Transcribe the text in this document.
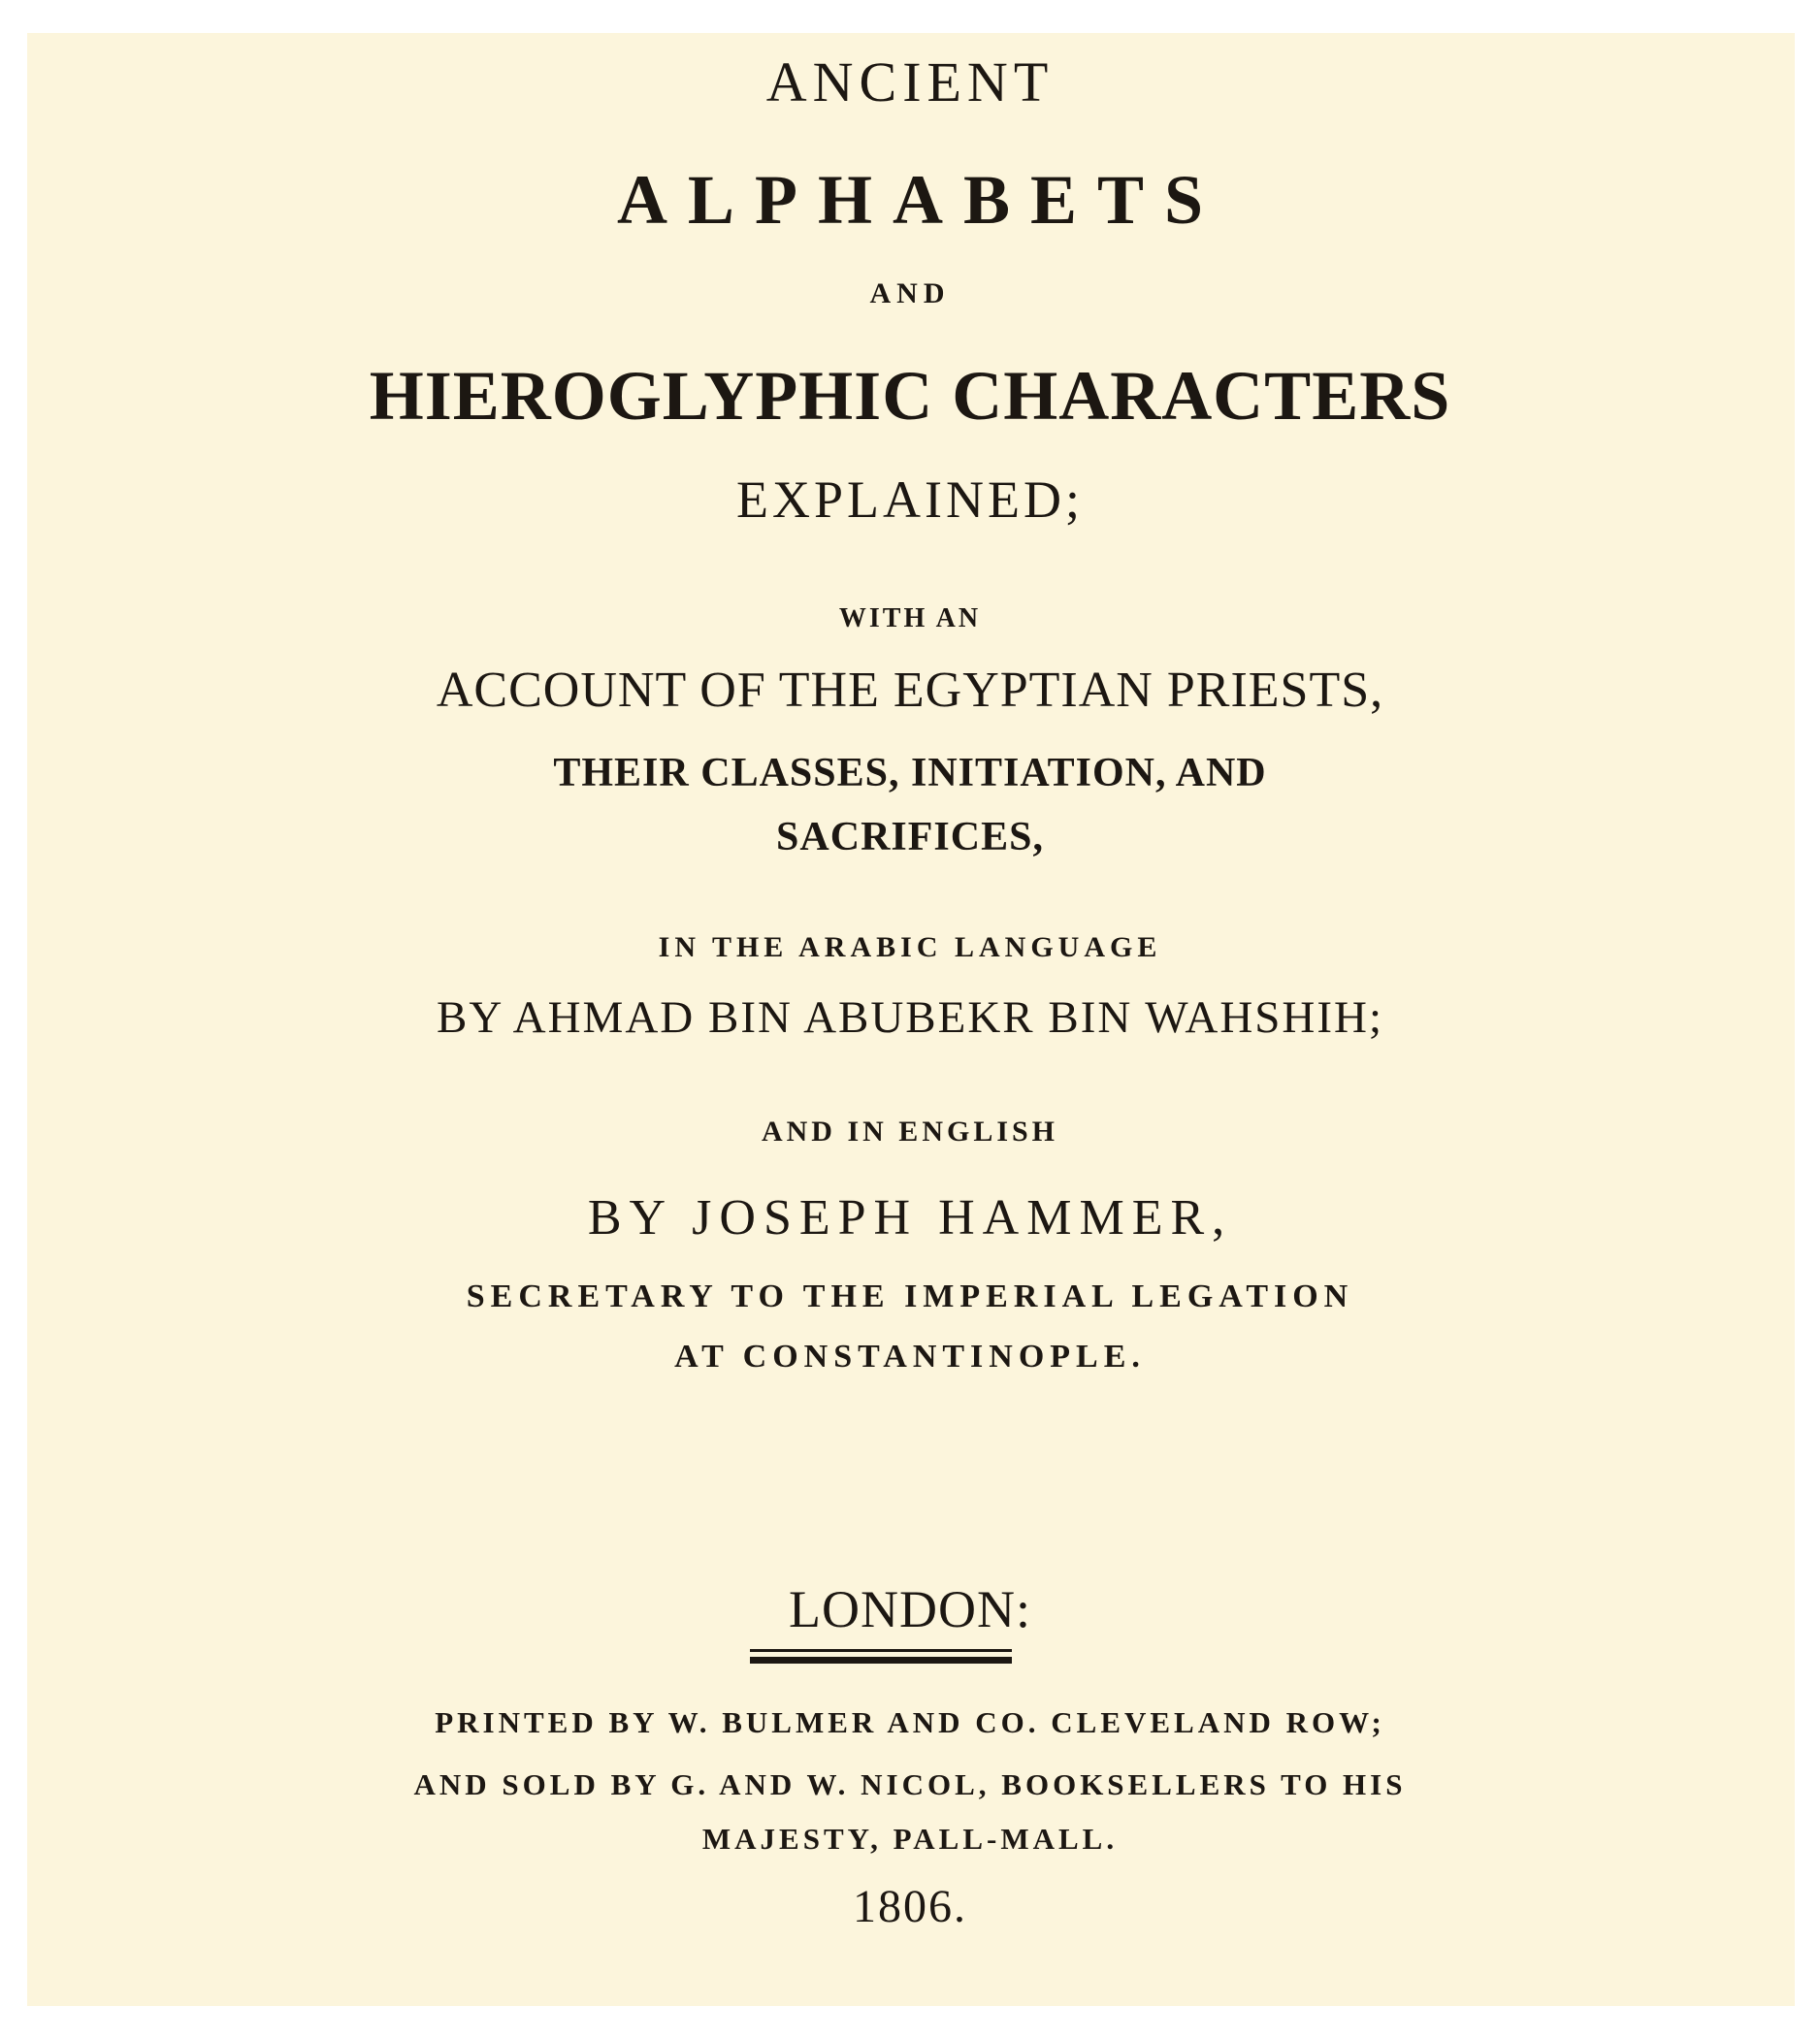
ANCIENT
ALPHABETS
AND
HIEROGLYPHIC CHARACTERS
EXPLAINED;
WITH AN
ACCOUNT OF THE EGYPTIAN PRIESTS,
THEIR CLASSES, INITIATION, AND
SACRIFICES,
IN THE ARABIC LANGUAGE
BY AHMAD BIN ABUBEKR BIN WAHSHIH;
AND IN ENGLISH
BY JOSEPH HAMMER,
SECRETARY TO THE IMPERIAL LEGATION
AT CONSTANTINOPLE.
LONDON:
PRINTED BY W. BULMER AND CO. CLEVELAND ROW;
AND SOLD BY G. AND W. NICOL, BOOKSELLERS TO HIS
MAJESTY, PALL-MALL.
1806.
